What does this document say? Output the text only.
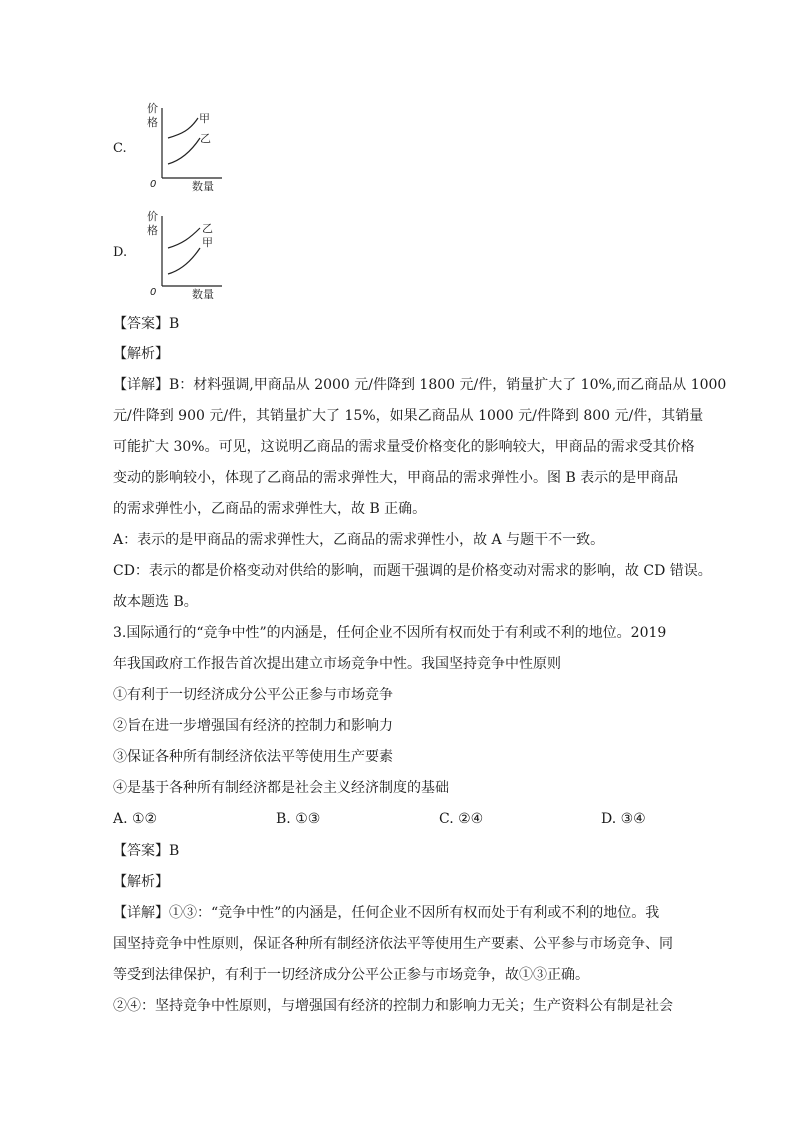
C.
价
格	甲
乙
0	数量
D.
价
格	乙
甲
0	数量
【答案】B
【解析】
【详解】B：材料强调,甲商品从 2000 元/件降到 1800 元/件，销量扩大了 10%,而乙商品从 1000
元/件降到 900 元/件，其销量扩大了 15%，如果乙商品从 1000 元/件降到 800 元/件，其销量
可能扩大 30%。可见，这说明乙商品的需求量受价格变化的影响较大，甲商品的需求受其价格
变动的影响较小，体现了乙商品的需求弹性大，甲商品的需求弹性小。图 B 表示的是甲商品
的需求弹性小，乙商品的需求弹性大，故 B 正确。
A：表示的是甲商品的需求弹性大，乙商品的需求弹性小，故 A 与题干不一致。
CD：表示的都是价格变动对供给的影响，而题干强调的是价格变动对需求的影响，故 CD 错误。
故本题选 B。
3.国际通行的“竞争中性”的内涵是，任何企业不因所有权而处于有利或不利的地位。2019
年我国政府工作报告首次提出建立市场竞争中性。我国坚持竞争中性原则
①有利于一切经济成分公平公正参与市场竞争
②旨在进一步增强国有经济的控制力和影响力
③保证各种所有制经济依法平等使用生产要素
④是基于各种所有制经济都是社会主义经济制度的基础
A. ①②	B. ①③	C. ②④	D. ③④
【答案】B
【解析】
【详解】①③：“竞争中性”的内涵是，任何企业不因所有权而处于有利或不利的地位。我
国坚持竞争中性原则，保证各种所有制经济依法平等使用生产要素、公平参与市场竞争、同
等受到法律保护，有利于一切经济成分公平公正参与市场竞争，故①③正确。
②④：坚持竞争中性原则，与增强国有经济的控制力和影响力无关；生产资料公有制是社会
